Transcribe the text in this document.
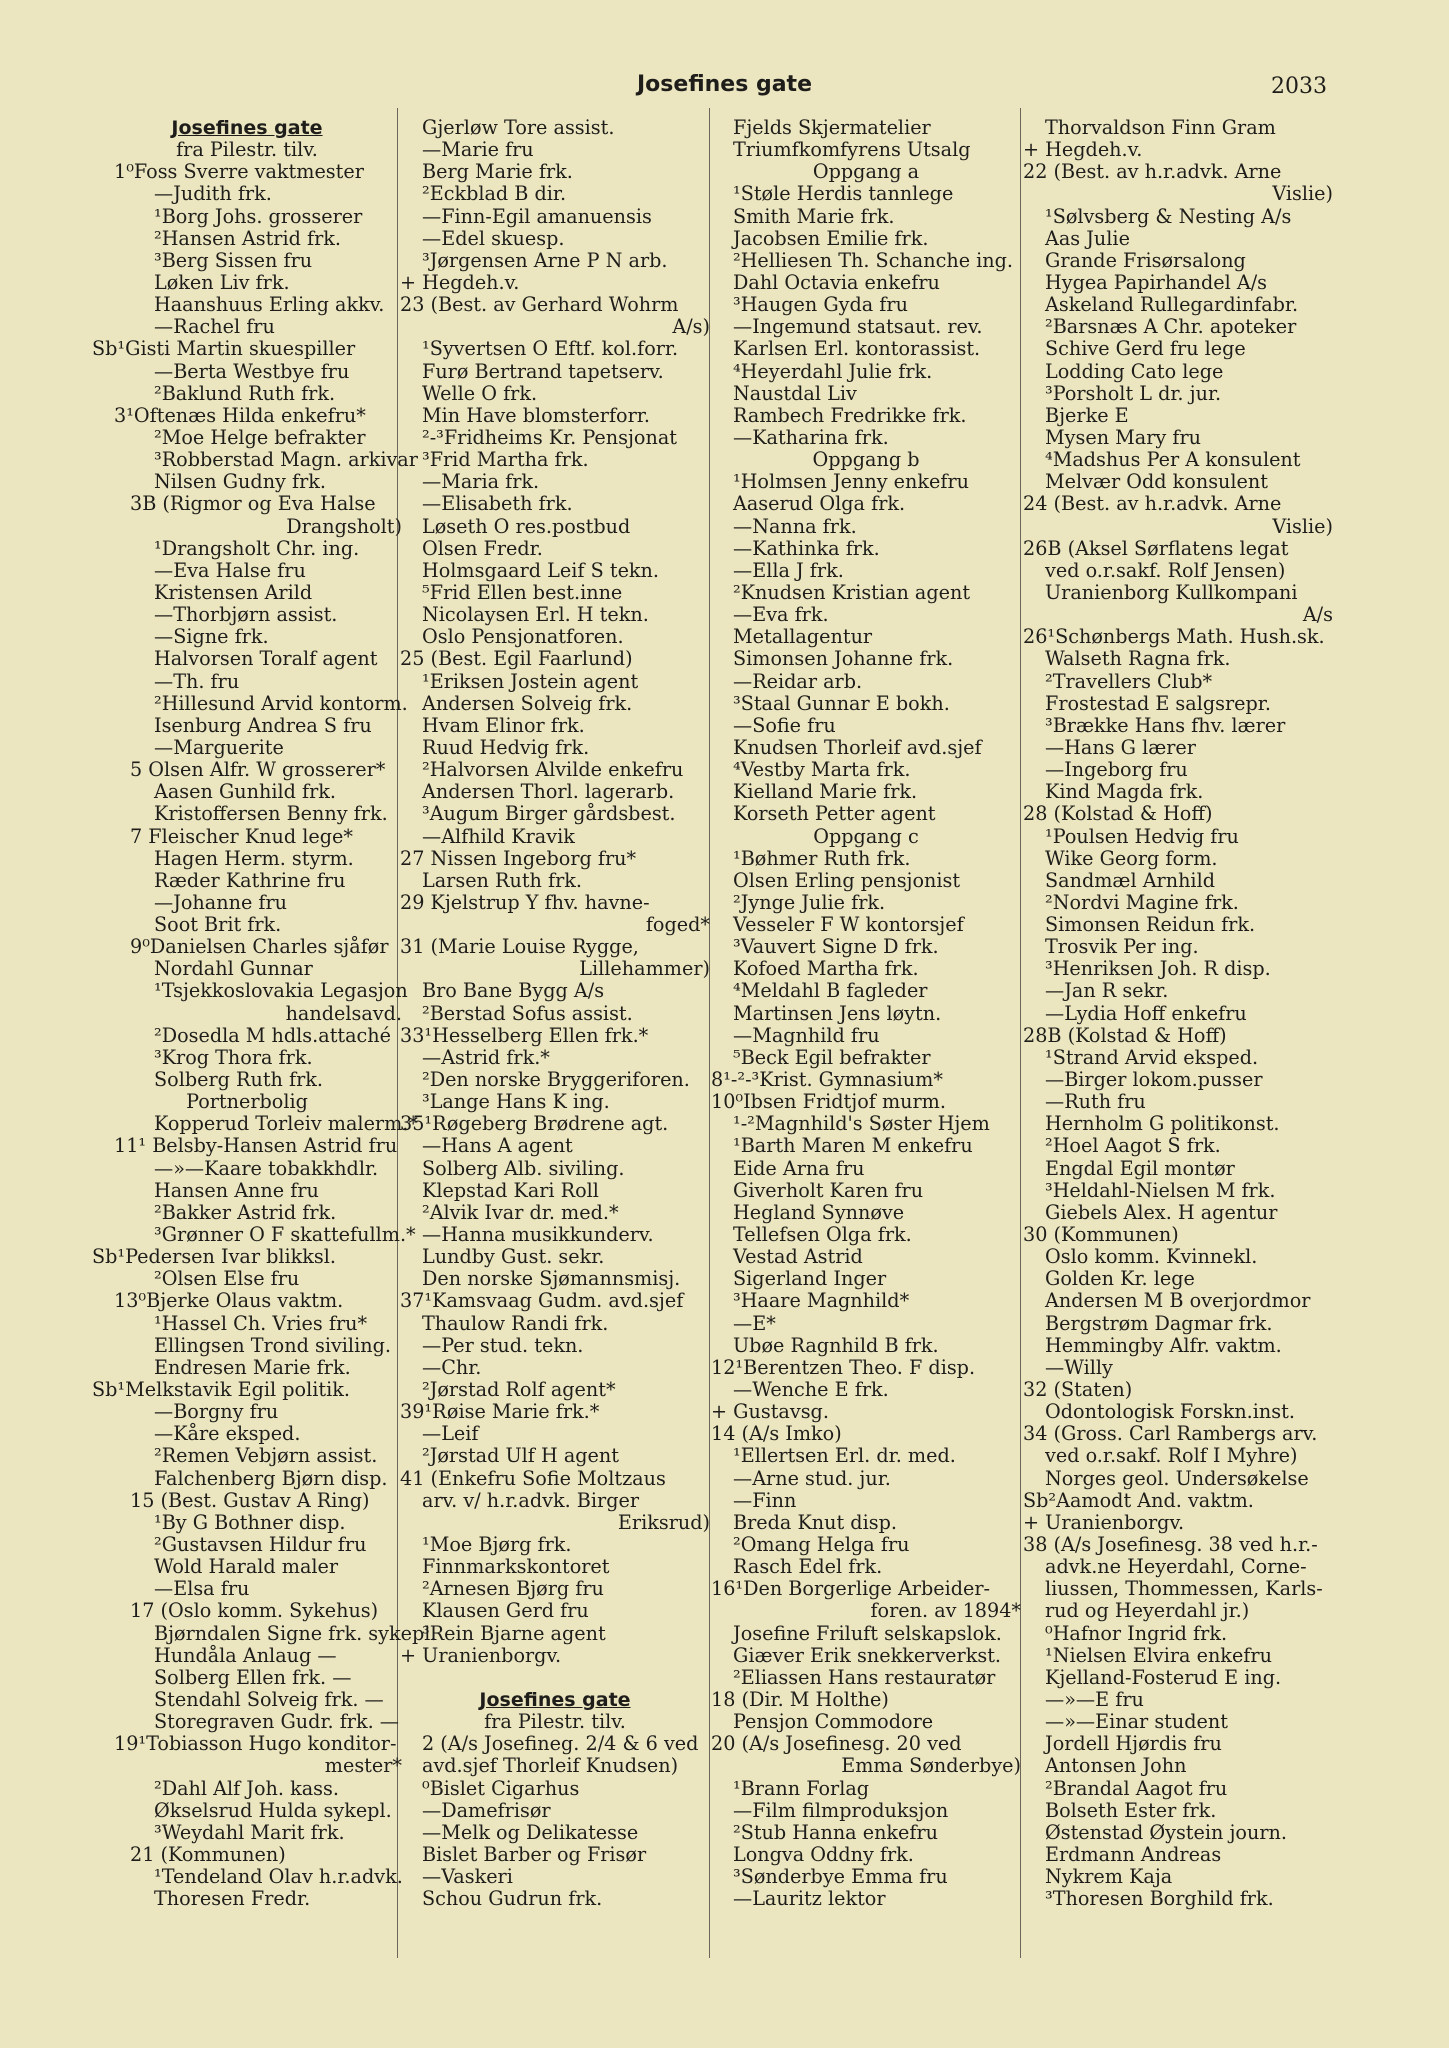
Josefines gate	2033
Josefines gate
fra Pilestr. tilv.
1⁰Foss Sverre vaktmester
—Judith frk.
¹Borg Johs. grosserer
²Hansen Astrid frk.
³Berg Sissen fru
Løken Liv frk.
Haanshuus Erling akkv.
—Rachel fru
Sb¹Gisti Martin skuespiller
—Berta Westbye fru
²Baklund Ruth frk.
3¹Oftenæs Hilda enkefru*
²Moe Helge befrakter
³Robberstad Magn. arkivar
Nilsen Gudny frk.
3B (Rigmor og Eva Halse
Drangsholt)
¹Drangsholt Chr. ing.
—Eva Halse fru
Kristensen Arild
—Thorbjørn assist.
—Signe frk.
Halvorsen Toralf agent
—Th. fru
²Hillesund Arvid kontorm.
Isenburg Andrea S fru
—Marguerite
5 Olsen Alfr. W grosserer*
Aasen Gunhild frk.
Kristoffersen Benny frk.
7 Fleischer Knud lege*
Hagen Herm. styrm.
Ræder Kathrine fru
—Johanne fru
Soot Brit frk.
9⁰Danielsen Charles sjåfør
Nordahl Gunnar
¹Tsjekkoslovakia Legasjon
handelsavd.
²Dosedla M hdls.attaché
³Krog Thora frk.
Solberg Ruth frk.
Portnerbolig
Kopperud Torleiv malerm.*
11¹ Belsby-Hansen Astrid fru
—»—Kaare tobakkhdlr.
Hansen Anne fru
²Bakker Astrid frk.
³Grønner O F skattefullm.*
Sb¹Pedersen Ivar blikksl.
²Olsen Else fru
13⁰Bjerke Olaus vaktm.
¹Hassel Ch. Vries fru*
Ellingsen Trond siviling.
Endresen Marie frk.
Sb¹Melkstavik Egil politik.
—Borgny fru
—Kåre eksped.
²Remen Vebjørn assist.
Falchenberg Bjørn disp.
15 (Best. Gustav A Ring)
¹By G Bothner disp.
²Gustavsen Hildur fru
Wold Harald maler
—Elsa fru
17 (Oslo komm. Sykehus)
Bjørndalen Signe frk. sykepl.
Hundåla Anlaug —
Solberg Ellen frk. —
Stendahl Solveig frk. —
Storegraven Gudr. frk. —
19¹Tobiasson Hugo konditor-
mester*
²Dahl Alf Joh. kass.
Økselsrud Hulda sykepl.
³Weydahl Marit frk.
21 (Kommunen)
¹Tendeland Olav h.r.advk.
Thoresen Fredr.
Gjerløw Tore assist.
—Marie fru
Berg Marie frk.
²Eckblad B dir.
—Finn-Egil amanuensis
—Edel skuesp.
³Jørgensen Arne P N arb.
+ Hegdeh.v.
23 (Best. av Gerhard Wohrm
A/s)
¹Syvertsen O Eftf. kol.forr.
Furø Bertrand tapetserv.
Welle O frk.
Min Have blomsterforr.
²-³Fridheims Kr. Pensjonat
³Frid Martha frk.
—Maria frk.
—Elisabeth frk.
Løseth O res.postbud
Olsen Fredr.
Holmsgaard Leif S tekn.
⁵Frid Ellen best.inne
Nicolaysen Erl. H tekn.
Oslo Pensjonatforen.
25 (Best. Egil Faarlund)
¹Eriksen Jostein agent
Andersen Solveig frk.
Hvam Elinor frk.
Ruud Hedvig frk.
²Halvorsen Alvilde enkefru
Andersen Thorl. lagerarb.
³Augum Birger gårdsbest.
—Alfhild Kravik
27 Nissen Ingeborg fru*
Larsen Ruth frk.
29 Kjelstrup Y fhv. havne-
foged*
31 (Marie Louise Rygge,
Lillehammer)
Bro Bane Bygg A/s
²Berstad Sofus assist.
33¹Hesselberg Ellen frk.*
—Astrid frk.*
²Den norske Bryggeriforen.
³Lange Hans K ing.
35¹Røgeberg Brødrene agt.
—Hans A agent
Solberg Alb. siviling.
Klepstad Kari Roll
²Alvik Ivar dr. med.*
—Hanna musikkunderv.
Lundby Gust. sekr.
Den norske Sjømannsmisj.
37¹Kamsvaag Gudm. avd.sjef
Thaulow Randi frk.
—Per stud. tekn.
—Chr.
²Jørstad Rolf agent*
39¹Røise Marie frk.*
—Leif
²Jørstad Ulf H agent
41 (Enkefru Sofie Moltzaus
arv. v/ h.r.advk. Birger
Eriksrud)
¹Moe Bjørg frk.
Finnmarkskontoret
²Arnesen Bjørg fru
Klausen Gerd fru
³Rein Bjarne agent
+ Uranienborgv.
Josefines gate
fra Pilestr. tilv.
2 (A/s Josefineg. 2/4 & 6 ved
avd.sjef Thorleif Knudsen)
⁰Bislet Cigarhus
—Damefrisør
—Melk og Delikatesse
Bislet Barber og Frisør
—Vaskeri
Schou Gudrun frk.
Fjelds Skjermatelier
Triumfkomfyrens Utsalg
Oppgang a
¹Støle Herdis tannlege
Smith Marie frk.
Jacobsen Emilie frk.
²Helliesen Th. Schanche ing.
Dahl Octavia enkefru
³Haugen Gyda fru
—Ingemund statsaut. rev.
Karlsen Erl. kontorassist.
⁴Heyerdahl Julie frk.
Naustdal Liv
Rambech Fredrikke frk.
—Katharina frk.
Oppgang b
¹Holmsen Jenny enkefru
Aaserud Olga frk.
—Nanna frk.
—Kathinka frk.
—Ella J frk.
²Knudsen Kristian agent
—Eva frk.
Metallagentur
Simonsen Johanne frk.
—Reidar arb.
³Staal Gunnar E bokh.
—Sofie fru
Knudsen Thorleif avd.sjef
⁴Vestby Marta frk.
Kielland Marie frk.
Korseth Petter agent
Oppgang c
¹Bøhmer Ruth frk.
Olsen Erling pensjonist
²Jynge Julie frk.
Vesseler F W kontorsjef
³Vauvert Signe D frk.
Kofoed Martha frk.
⁴Meldahl B fagleder
Martinsen Jens løytn.
—Magnhild fru
⁵Beck Egil befrakter
8¹-²-³Krist. Gymnasium*
10⁰Ibsen Fridtjof murm.
¹-²Magnhild's Søster Hjem
¹Barth Maren M enkefru
Eide Arna fru
Giverholt Karen fru
Hegland Synnøve
Tellefsen Olga frk.
Vestad Astrid
Sigerland Inger
³Haare Magnhild*
—E*
Ubøe Ragnhild B frk.
12¹Berentzen Theo. F disp.
—Wenche E frk.
+ Gustavsg.
14 (A/s Imko)
¹Ellertsen Erl. dr. med.
—Arne stud. jur.
—Finn
Breda Knut disp.
²Omang Helga fru
Rasch Edel frk.
16¹Den Borgerlige Arbeider-
foren. av 1894*
Josefine Friluft selskapslok.
Giæver Erik snekkerverkst.
²Eliassen Hans restauratør
18 (Dir. M Holthe)
Pensjon Commodore
20 (A/s Josefinesg. 20 ved
Emma Sønderbye)
¹Brann Forlag
—Film filmproduksjon
²Stub Hanna enkefru
Longva Oddny frk.
³Sønderbye Emma fru
—Lauritz lektor
Thorvaldson Finn Gram
+ Hegdeh.v.
22 (Best. av h.r.advk. Arne
Vislie)
¹Sølvsberg & Nesting A/s
Aas Julie
Grande Frisørsalong
Hygea Papirhandel A/s
Askeland Rullegardinfabr.
²Barsnæs A Chr. apoteker
Schive Gerd fru lege
Lodding Cato lege
³Porsholt L dr. jur.
Bjerke E
Mysen Mary fru
⁴Madshus Per A konsulent
Melvær Odd konsulent
24 (Best. av h.r.advk. Arne
Vislie)
26B (Aksel Sørflatens legat
ved o.r.sakf. Rolf Jensen)
Uranienborg Kullkompani
A/s
26¹Schønbergs Math. Hush.sk.
Walseth Ragna frk.
²Travellers Club*
Frostestad E salgsrepr.
³Brække Hans fhv. lærer
—Hans G lærer
—Ingeborg fru
Kind Magda frk.
28 (Kolstad & Hoff)
¹Poulsen Hedvig fru
Wike Georg form.
Sandmæl Arnhild
²Nordvi Magine frk.
Simonsen Reidun frk.
Trosvik Per ing.
³Henriksen Joh. R disp.
—Jan R sekr.
—Lydia Hoff enkefru
28B (Kolstad & Hoff)
¹Strand Arvid eksped.
—Birger lokom.pusser
—Ruth fru
Hernholm G politikonst.
²Hoel Aagot S frk.
Engdal Egil montør
³Heldahl-Nielsen M frk.
Giebels Alex. H agentur
30 (Kommunen)
Oslo komm. Kvinnekl.
Golden Kr. lege
Andersen M B overjordmor
Bergstrøm Dagmar frk.
Hemmingby Alfr. vaktm.
—Willy
32 (Staten)
Odontologisk Forskn.inst.
34 (Gross. Carl Rambergs arv.
ved o.r.sakf. Rolf I Myhre)
Norges geol. Undersøkelse
Sb²Aamodt And. vaktm.
+ Uranienborgv.
38 (A/s Josefinesg. 38 ved h.r.-
advk.ne Heyerdahl, Corne-
liussen, Thommessen, Karls-
rud og Heyerdahl jr.)
⁰Hafnor Ingrid frk.
¹Nielsen Elvira enkefru
Kjelland-Fosterud E ing.
—»—E fru
—»—Einar student
Jordell Hjørdis fru
Antonsen John
²Brandal Aagot fru
Bolseth Ester frk.
Østenstad Øystein journ.
Erdmann Andreas
Nykrem Kaja
³Thoresen Borghild frk.
